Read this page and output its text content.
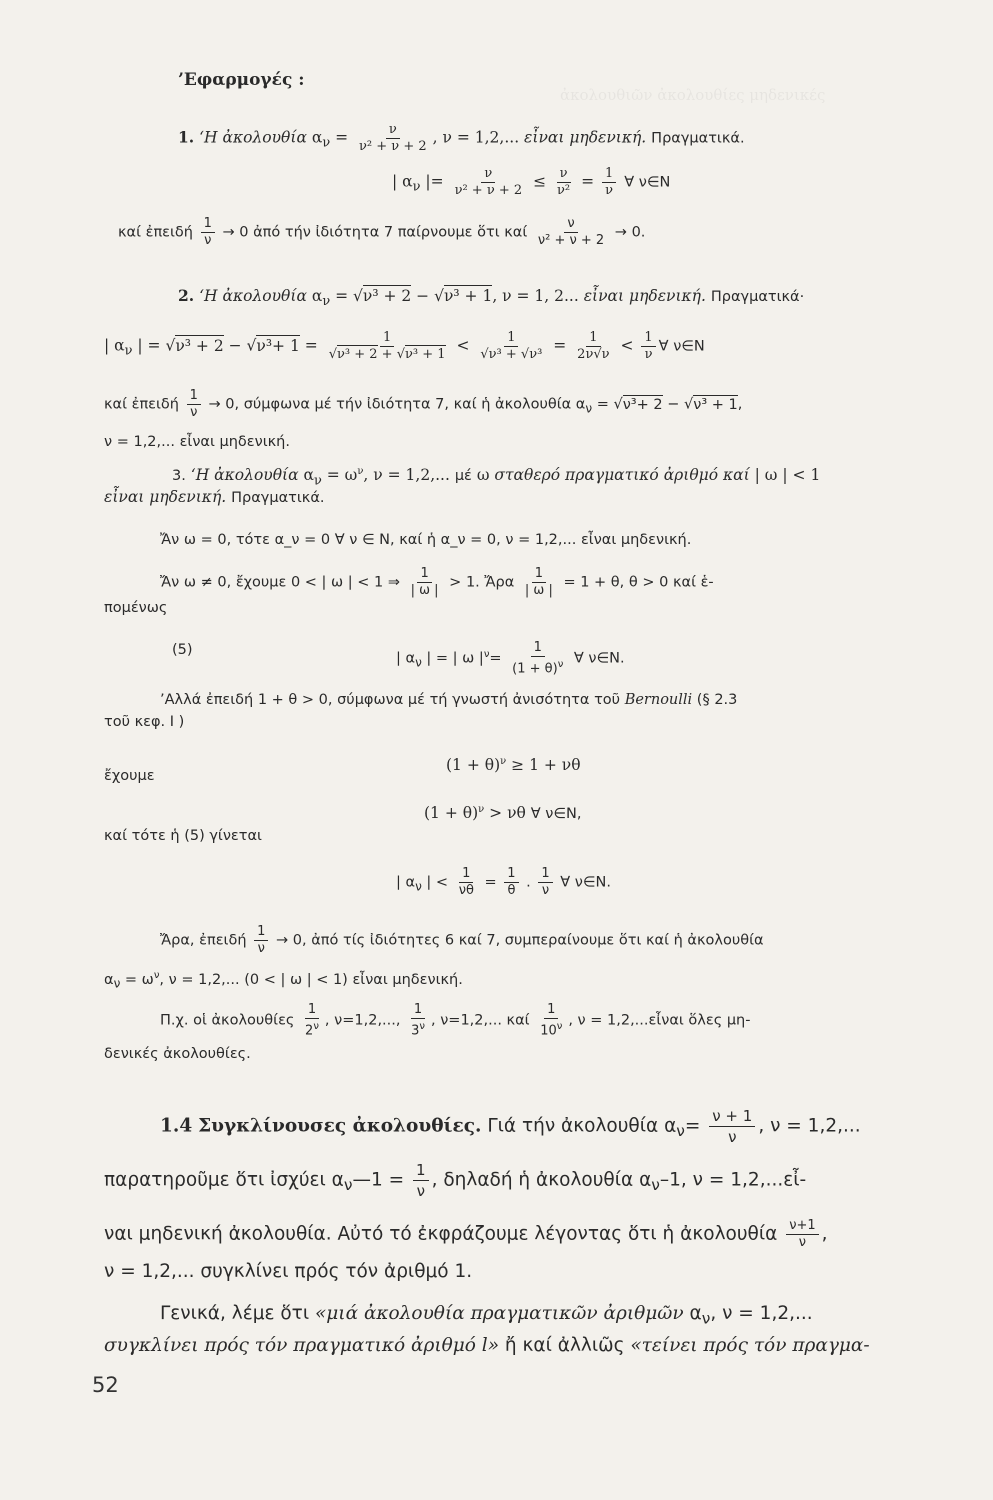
ἀκολουθιῶν ἀκολουθίες μηδενικές
’Εφαρμογές :
1. ‘Η ἀκολουθία $\alpha_\nu = \frac{\nu}{\text{ν² + ν + 2}}$ , ν = 1,2,... εἶναι μηδενική. Πραγματικά.
| $\alpha_\nu$ |= $\frac{\nu}{\text{ν² + ν + 2}} \le \frac{\nu}{\text{ν²}} = \frac{1}{\nu}$ ∀ ν∈N
καί ἐπειδή $\frac{1}{\nu} \to 0$ ἀπό τήν ἰδιότητα 7 παίρνουμε ὅτι καί $\frac{\nu}{\text{ν² + ν + 2}} \to 0$.
2. ‘Η ἀκολουθία $\alpha_\nu = √\nu^3 + 2 - √\nu^3 + 1$, ν = 1, 2... εἶναι μηδενική. Πραγματικά·
| $\alpha_\nu$ | = $√\nu^3 + 2 - √\nu^3+ 1 = \frac{1}{\text{√ν³ + 2 + √ν³ + 1}} < \frac{1}{\text{√ν³ + √ν³}} = \frac{1}{2\nu√\nu} < \frac{1}{\nu}$ ∀ ν∈N
καί ἐπειδή $\frac{1}{\nu} \to 0$, σύμφωνα μέ τήν ἰδιότητα 7, καί ἡ ἀκολουθία $\alpha_\nu = √\nu^3+ 2 - √\nu^3 + 1$,
ν = 1,2,... εἶναι μηδενική.
3. ‘Η ἀκολουθία $\alpha_\nu = \omega^\nu$, ν = 1,2,... μέ ω σταθερό πραγματικό ἀριθμό καί | ω | < 1
εἶναι μηδενική. Πραγματικά.
Ἄν ω = 0, τότε α_ν = 0 ∀ ν ∈ N, καί ἡ α_ν = 0, ν = 1,2,... εἶναι μηδενική.
Ἄν ω ≠ 0, ἔχουμε 0 < | ω | < 1 ⇒ $\frac{1}{| \omega |} > 1$. Ἄρα $\frac{1}{| \omega |} = 1 + \theta$, θ > 0 καί ἑ-
πομένως
(5)
| $\alpha_\nu$ | = | ω $|^\nu= \frac{1}{(1 + \theta)^\nu}$ ∀ ν∈N.
’Αλλά ἐπειδή 1 + θ > 0, σύμφωνα μέ τή γνωστή ἀνισότητα τοῦ Bernoulli (§ 2.3
τοῦ κεφ. I )
$(1 + \theta)^\nu \ge 1 + \nu\theta$
ἔχουμε
$(1 + \theta)^\nu > \nu\theta$ ∀ ν∈N,
καί τότε ἡ (5) γίνεται
| $\alpha_\nu$ | < $\frac{1}{\nu\theta} = \frac{1}{\theta}$ . $\frac{1}{\nu}$ ∀ ν∈N.
Ἄρα, ἐπειδή $\frac{1}{\nu} \to 0$, ἀπό τίς ἰδιότητες 6 καί 7, συμπεραίνουμε ὅτι καί ἡ ἀκολουθία
$\alpha_\nu = \omega^\nu$, ν = 1,2,... (0 < | ω | < 1) εἶναι μηδενική.
Π.χ. οἱ ἀκολουθίες $\frac{1}{2^\nu}$ , ν=1,2,..., $\frac{1}{3^\nu}$ , ν=1,2,... καί $\frac{1}{10^\nu}$ , ν = 1,2,...εἶναι ὅλες μη-
δενικές ἀκολουθίες.
1.4 Συγκλίνουσες ἀκολουθίες. Γιά τήν ἀκολουθία $\alpha_\nu= \frac{\nu + 1}{\nu}$ , ν = 1,2,...
παρατηροῦμε ὅτι ἰσχύει $\alpha_\nu—1 = \frac{1}{\nu}$ , δηλαδή ἡ ἀκολουθία $\alpha_\nu-1$, ν = 1,2,...εἶ-
ναι μηδενική ἀκολουθία. Αὐτό τό ἐκφράζουμε λέγοντας ὅτι ἡ ἀκολουθία $\frac{\nu+1}{\nu}$ ,
ν = 1,2,... συγκλίνει πρός τόν ἀριθμό 1.
Γενικά, λέμε ὅτι «μιά ἀκολουθία πραγματικῶν ἀριθμῶν $\alpha_\nu$, ν = 1,2,...
συγκλίνει πρός τόν πραγματικό ἀριθμό l» ἤ καί ἀλλιῶς «τείνει πρός τόν πραγμα-
52
